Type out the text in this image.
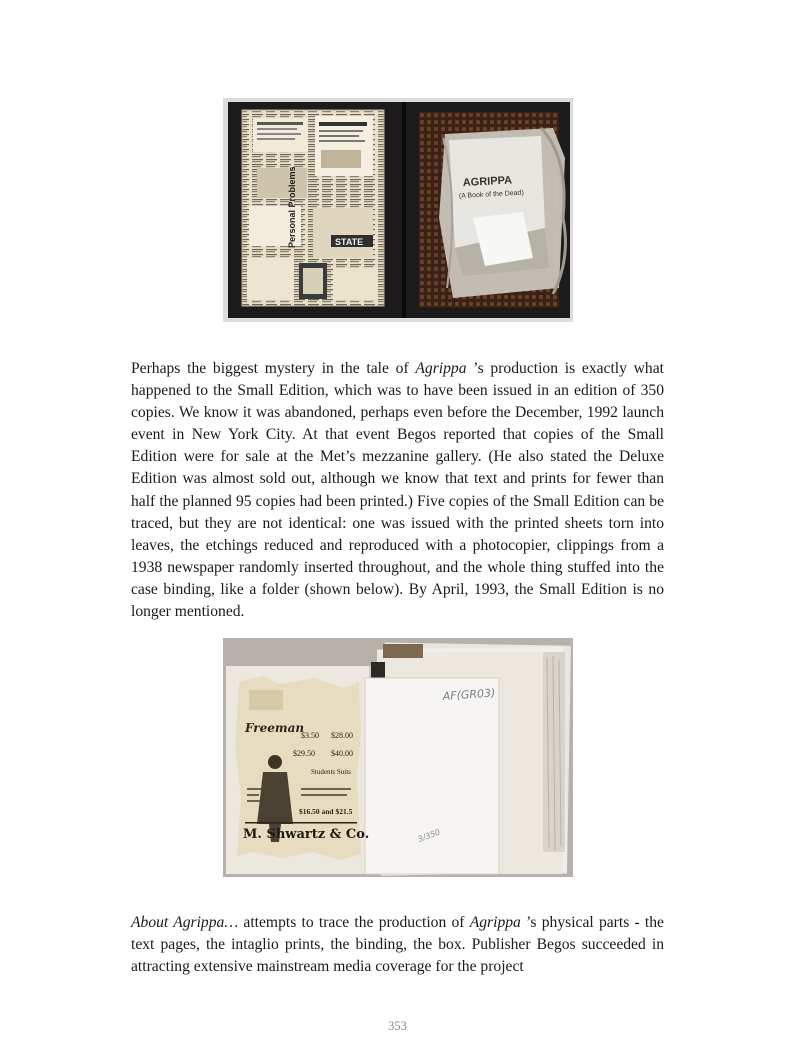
Personal Problems	STATE
AGRIPPA
(A Book of the Dead)

Perhaps the biggest mystery in the tale of Agrippa ’s production is exactly what happened to the Small Edition, which was to have been issued in an edition of 350 copies. We know it was abandoned, perhaps even before the December, 1992 launch event in New York City. At that event Begos reported that copies of the Small Edition were for sale at the Met’s mezzanine gallery. (He also stated the Deluxe Edition was almost sold out, although we know that text and prints for fewer than half the planned 95 copies had been printed.) Five copies of the Small Edition can be traced, but they are not identical: one was issued with the printed sheets torn into leaves, the etchings reduced and reproduced with a photocopier, clippings from a 1938 newspaper randomly inserted throughout, and the whole thing stuffed into the case binding, like a folder (shown below). By April, 1993, the Small Edition is no longer mentioned.

AF(GR03)
3/350
Freeman
$3.50
$29.50
$28.00
$40.00
Students Suits
$16.50 and $21.5
M. Shwartz & Co.

About Agrippa… attempts to trace the production of Agrippa ’s physical parts - the text pages, the intaglio prints, the binding, the box. Publisher Begos succeeded in attracting extensive mainstream media coverage for the project

353
